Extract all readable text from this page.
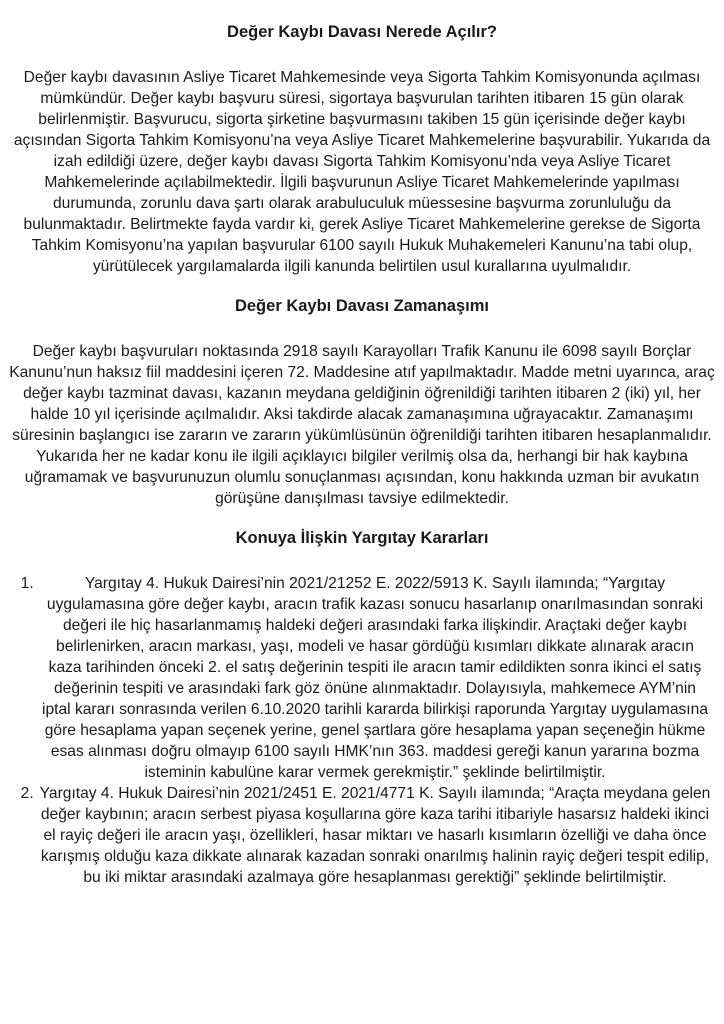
Değer Kaybı Davası Nerede Açılır?

Değer kaybı davasının Asliye Ticaret Mahkemesinde veya Sigorta Tahkim Komisyonunda açılması mümkündür. Değer kaybı başvuru süresi, sigortaya başvurulan tarihten itibaren 15 gün olarak belirlenmiştir. Başvurucu, sigorta şirketine başvurmasını takiben 15 gün içerisinde değer kaybı açısından Sigorta Tahkim Komisyonu’na veya Asliye Ticaret Mahkemelerine başvurabilir. Yukarıda da izah edildiği üzere, değer kaybı davası Sigorta Tahkim Komisyonu’nda veya Asliye Ticaret Mahkemelerinde açılabilmektedir. İlgili başvurunun Asliye Ticaret Mahkemelerinde yapılması durumunda, zorunlu dava şartı olarak arabuluculuk müessesine başvurma zorunluluğu da bulunmaktadır. Belirtmekte fayda vardır ki, gerek Asliye Ticaret Mahkemelerine gerekse de Sigorta Tahkim Komisyonu’na yapılan başvurular 6100 sayılı Hukuk Muhakemeleri Kanunu’na tabi olup, yürütülecek yargılamalarda ilgili kanunda belirtilen usul kurallarına uyulmalıdır.

Değer Kaybı Davası Zamanaşımı

Değer kaybı başvuruları noktasında 2918 sayılı Karayolları Trafik Kanunu ile 6098 sayılı Borçlar Kanunu’nun haksız fiil maddesini içeren 72. Maddesine atıf yapılmaktadır. Madde metni uyarınca, araç değer kaybı tazminat davası, kazanın meydana geldiğinin öğrenildiği tarihten itibaren 2 (iki) yıl, her halde 10 yıl içerisinde açılmalıdır. Aksi takdirde alacak zamanaşımına uğrayacaktır. Zamanaşımı süresinin başlangıcı ise zararın ve zararın yükümlüsünün öğrenildiği tarihten itibaren hesaplanmalıdır.

Yukarıda her ne kadar konu ile ilgili açıklayıcı bilgiler verilmiş olsa da, herhangi bir hak kaybına uğramamak ve başvurunuzun olumlu sonuçlanması açısından, konu hakkında uzman bir avukatın görüşüne danışılması tavsiye edilmektedir.

Konuya İlişkin Yargıtay Kararları
1. Yargıtay 4. Hukuk Dairesi’nin 2021/21252 E. 2022/5913 K. Sayılı ilamında; “Yargıtay uygulamasına göre değer kaybı, aracın trafik kazası sonucu hasarlanıp onarılmasından sonraki değeri ile hiç hasarlanmamış haldeki değeri arasındaki farka ilişkindir. Araçtaki değer kaybı belirlenirken, aracın markası, yaşı, modeli ve hasar gördüğü kısımları dikkate alınarak aracın kaza tarihinden önceki 2. el satış değerinin tespiti ile aracın tamir edildikten sonra ikinci el satış değerinin tespiti ve arasındaki fark göz önüne alınmaktadır. Dolayısıyla, mahkemece AYM’nin iptal kararı sonrasında verilen 6.10.2020 tarihli kararda bilirkişi raporunda Yargıtay uygulamasına göre hesaplama yapan seçenek yerine, genel şartlara göre hesaplama yapan seçeneğin hükme esas alınması doğru olmayıp 6100 sayılı HMK’nın 363. maddesi gereği kanun yararına bozma isteminin kabulüne karar vermek gerekmiştir.” şeklinde belirtilmiştir.
2. Yargıtay 4. Hukuk Dairesi’nin 2021/2451 E. 2021/4771 K. Sayılı ilamında; “Araçta meydana gelen değer kaybının; aracın serbest piyasa koşullarına göre kaza tarihi itibariyle hasarsız haldeki ikinci el rayiç değeri ile aracın yaşı, özellikleri, hasar miktarı ve hasarlı kısımların özelliği ve daha önce karışmış olduğu kaza dikkate alınarak kazadan sonraki onarılmış halinin rayiç değeri tespit edilip, bu iki miktar arasındaki azalmaya göre hesaplanması gerektiği” şeklinde belirtilmiştir.
